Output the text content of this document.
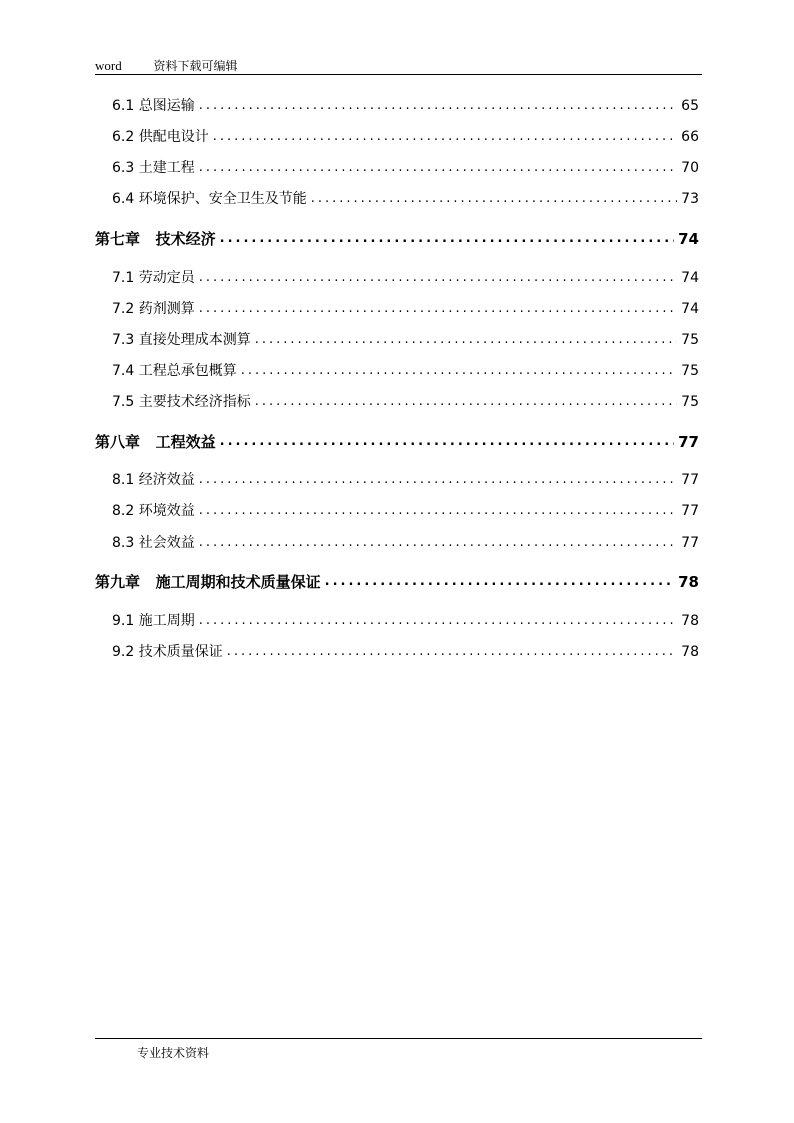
word	资料下载可编辑
6.1 总图运输 .....	65
6.2 供配电设计 .....	66
6.3 土建工程 .....	70
6.4 环境保护、安全卫生及节能 .....	73
第七章   技术经济 .....	74
7.1 劳动定员 .....	74
7.2 药剂测算 .....	74
7.3 直接处理成本测算 .....	75
7.4 工程总承包概算 .....	75
7.5 主要技术经济指标 .....	75
第八章   工程效益 .....	77
8.1 经济效益 .....	77
8.2 环境效益 .....	77
8.3 社会效益 .....	77
第九章   施工周期和技术质量保证 .....	78
9.1 施工周期 .....	78
9.2 技术质量保证 .....	78
专业技术资料
